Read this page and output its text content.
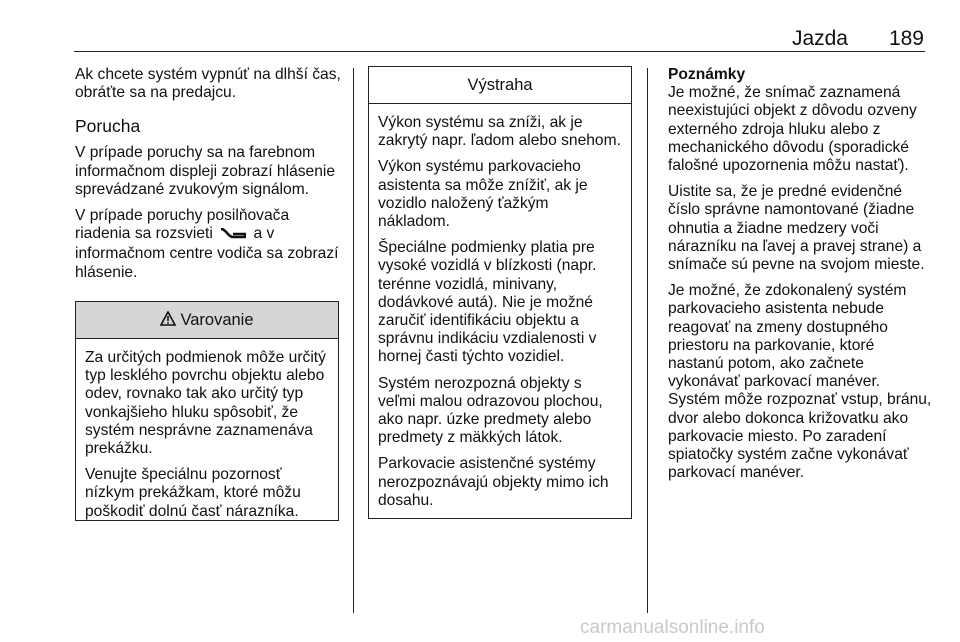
Jazda	189

Ak chcete systém vypnúť na dlhší čas, obráťte sa na predajcu.

Porucha

V prípade poruchy sa na farebnom informačnom displeji zobrazí hlásenie sprevádzané zvukovým signálom.

V prípade poruchy posilňovača riadenia sa rozsvieti	a v informačnom centre vodiča sa zobrazí hlásenie.

Varovanie

Za určitých podmienok môže určitý typ lesklého povrchu objektu alebo odev, rovnako tak ako určitý typ vonkajšieho hluku spôsobiť, že systém nesprávne zaznamenáva prekážku.

Venujte špeciálnu pozornosť nízkym prekážkam, ktoré môžu poškodiť dolnú časť nárazníka.

Výstraha

Výkon systému sa zníži, ak je zakrytý napr. ľadom alebo snehom.

Výkon systému parkovacieho asistenta sa môže znížiť, ak je vozidlo naložený ťažkým nákladom.

Špeciálne podmienky platia pre vysoké vozidlá v blízkosti (napr. terénne vozidlá, minivany, dodávkové autá). Nie je možné zaručiť identifikáciu objektu a správnu indikáciu vzdialenosti v hornej časti týchto vozidiel.

Systém nerozpozná objekty s veľmi malou odrazovou plochou, ako napr. úzke predmety alebo predmety z mäkkých látok.

Parkovacie asistenčné systémy nerozpoznávajú objekty mimo ich dosahu.

Poznámky

Je možné, že snímač zaznamená neexistujúci objekt z dôvodu ozveny externého zdroja hluku alebo z mechanického dôvodu (sporadické falošné upozornenia môžu nastať).

Uistite sa, že je predné evidenčné číslo správne namontované (žiadne ohnutia a žiadne medzery voči nárazníku na ľavej a pravej strane) a snímače sú pevne na svojom mieste.

Je možné, že zdokonalený systém parkovacieho asistenta nebude reagovať na zmeny dostupného priestoru na parkovanie, ktoré nastanú potom, ako začnete vykonávať parkovací manéver. Systém môže rozpoznať vstup, bránu, dvor alebo dokonca križovatku ako parkovacie miesto. Po zaradení spiatočky systém začne vykonávať parkovací manéver.

carmanualsonline.info
